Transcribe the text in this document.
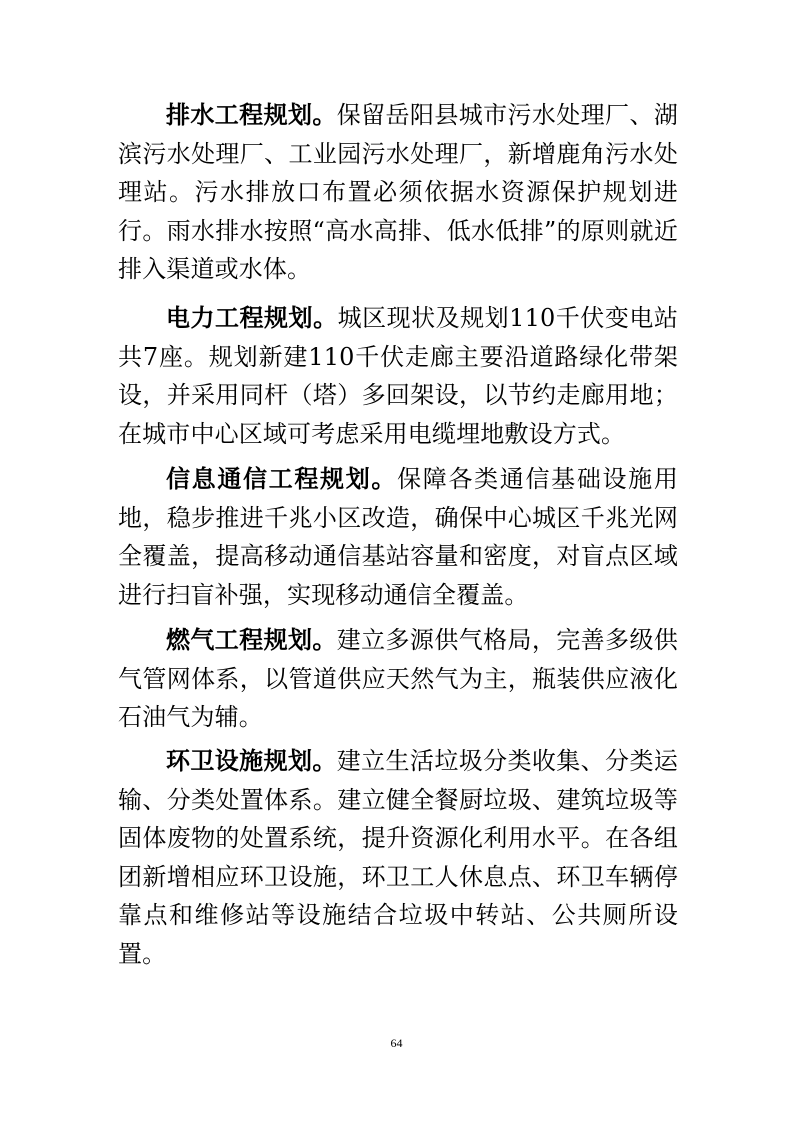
排水工程规划。保留岳阳县城市污水处理厂、湖滨污水处理厂、工业园污水处理厂，新增鹿角污水处理站。污水排放口布置必须依据水资源保护规划进行。雨水排水按照“高水高排、低水低排”的原则就近排入渠道或水体。

电力工程规划。城区现状及规划110千伏变电站共7座。规划新建110千伏走廊主要沿道路绿化带架设，并采用同杆（塔）多回架设，以节约走廊用地；在城市中心区域可考虑采用电缆埋地敷设方式。

信息通信工程规划。保障各类通信基础设施用地，稳步推进千兆小区改造，确保中心城区千兆光网全覆盖，提高移动通信基站容量和密度，对盲点区域进行扫盲补强，实现移动通信全覆盖。

燃气工程规划。建立多源供气格局，完善多级供气管网体系，以管道供应天然气为主，瓶装供应液化石油气为辅。

环卫设施规划。建立生活垃圾分类收集、分类运输、分类处置体系。建立健全餐厨垃圾、建筑垃圾等固体废物的处置系统，提升资源化利用水平。在各组团新增相应环卫设施，环卫工人休息点、环卫车辆停靠点和维修站等设施结合垃圾中转站、公共厕所设置。

64
